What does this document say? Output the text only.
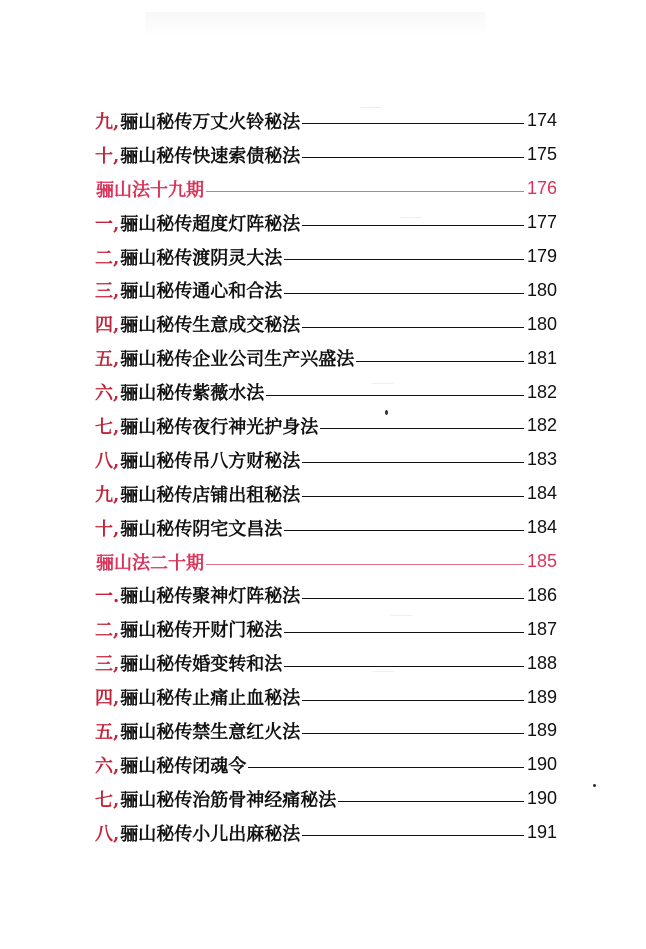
⸺
⸺
⸺
⸺
⸺
九, 骊山秘传万丈火铃秘法	174
十, 骊山秘传快速索债秘法	175
骊山法十九期	176
一, 骊山秘传超度灯阵秘法	177
二, 骊山秘传渡阴灵大法	179
三, 骊山秘传通心和合法	180
四, 骊山秘传生意成交秘法	180
五, 骊山秘传企业公司生产兴盛法	181
六, 骊山秘传紫薇水法	182
七, 骊山秘传夜行神光护身法	182
八, 骊山秘传吊八方财秘法	183
九, 骊山秘传店铺出租秘法	184
十, 骊山秘传阴宅文昌法	184
骊山法二十期	185
一. 骊山秘传聚神灯阵秘法	186
二, 骊山秘传开财门秘法	187
三, 骊山秘传婚变转和法	188
四, 骊山秘传止痛止血秘法	189
五, 骊山秘传禁生意红火法	189
六, 骊山秘传闭魂令	190
七, 骊山秘传治筋骨神经痛秘法	190
八, 骊山秘传小儿出麻秘法	191
